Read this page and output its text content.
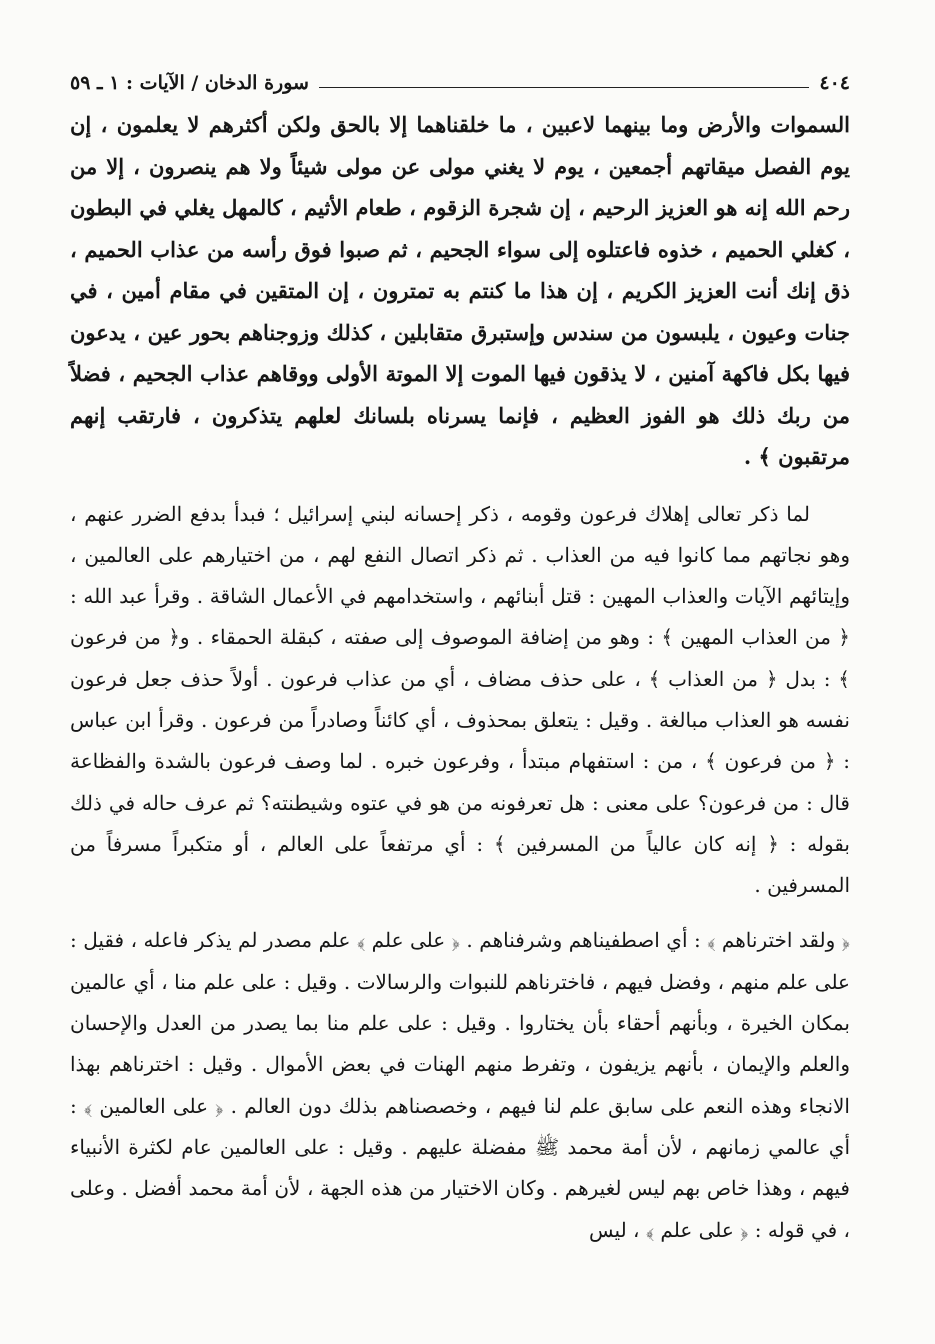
٤٠٤
سورة الدخان / الآيات : ١ ـ ٥٩

السموات والأرض وما بينهما لاعبين ، ما خلقناهما إلا بالحق ولكن أكثرهم لا يعلمون ، إن يوم الفصل ميقاتهم أجمعين ، يوم لا يغني مولى عن مولى شيئاً ولا هم ينصرون ، إلا من رحم الله إنه هو العزيز الرحيم ، إن شجرة الزقوم ، طعام الأثيم ، كالمهل يغلي في البطون ، كغلي الحميم ، خذوه فاعتلوه إلى سواء الجحيم ، ثم صبوا فوق رأسه من عذاب الحميم ، ذق إنك أنت العزيز الكريم ، إن هذا ما كنتم به تمترون ، إن المتقين في مقام أمين ، في جنات وعيون ، يلبسون من سندس وإستبرق متقابلين ، كذلك وزوجناهم بحور عين ، يدعون فيها بكل فاكهة آمنين ، لا يذقون فيها الموت إلا الموتة الأولى ووقاهم عذاب الجحيم ، فضلاً من ربك ذلك هو الفوز العظيم ، فإنما يسرناه بلسانك لعلهم يتذكرون ، فارتقب إنهم مرتقبون ﴾ .

لما ذكر تعالى إهلاك فرعون وقومه ، ذكر إحسانه لبني إسرائيل ؛ فبدأ بدفع الضرر عنهم ، وهو نجاتهم مما كانوا فيه من العذاب . ثم ذكر اتصال النفع لهم ، من اختيارهم على العالمين ، وإيتائهم الآيات والعذاب المهين : قتل أبنائهم ، واستخدامهم في الأعمال الشاقة . وقرأ عبد الله : ﴿ من العذاب المهين ﴾ : وهو من إضافة الموصوف إلى صفته ، كبقلة الحمقاء . و﴿ من فرعون ﴾ : بدل ﴿ من العذاب ﴾ ، على حذف مضاف ، أي من عذاب فرعون . أولاً حذف جعل فرعون نفسه هو العذاب مبالغة . وقيل : يتعلق بمحذوف ، أي كائناً وصادراً من فرعون . وقرأ ابن عباس : ﴿ من فرعون ﴾ ، من : استفهام مبتدأ ، وفرعون خبره . لما وصف فرعون بالشدة والفظاعة قال : من فرعون؟ على معنى : هل تعرفونه من هو في عتوه وشيطنته؟ ثم عرف حاله في ذلك بقوله : ﴿ إنه كان عالياً من المسرفين ﴾ : أي مرتفعاً على العالم ، أو متكبراً مسرفاً من المسرفين .

﴿ ولقد اخترناهم ﴾ : أي اصطفيناهم وشرفناهم . ﴿ على علم ﴾ علم مصدر لم يذكر فاعله ، فقيل : على علم منهم ، وفضل فيهم ، فاخترناهم للنبوات والرسالات . وقيل : على علم منا ، أي عالمين بمكان الخيرة ، وبأنهم أحقاء بأن يختاروا . وقيل : على علم منا بما يصدر من العدل والإحسان والعلم والإيمان ، بأنهم يزيفون ، وتفرط منهم الهنات في بعض الأموال . وقيل : اخترناهم بهذا الانجاء وهذه النعم على سابق علم لنا فيهم ، وخصصناهم بذلك دون العالم . ﴿ على العالمين ﴾ : أي عالمي زمانهم ، لأن أمة محمد ﷺ مفضلة عليهم . وقيل : على العالمين عام لكثرة الأنبياء فيهم ، وهذا خاص بهم ليس لغيرهم . وكان الاختيار من هذه الجهة ، لأن أمة محمد أفضل . وعلى ، في قوله : ﴿ على علم ﴾ ، ليس
